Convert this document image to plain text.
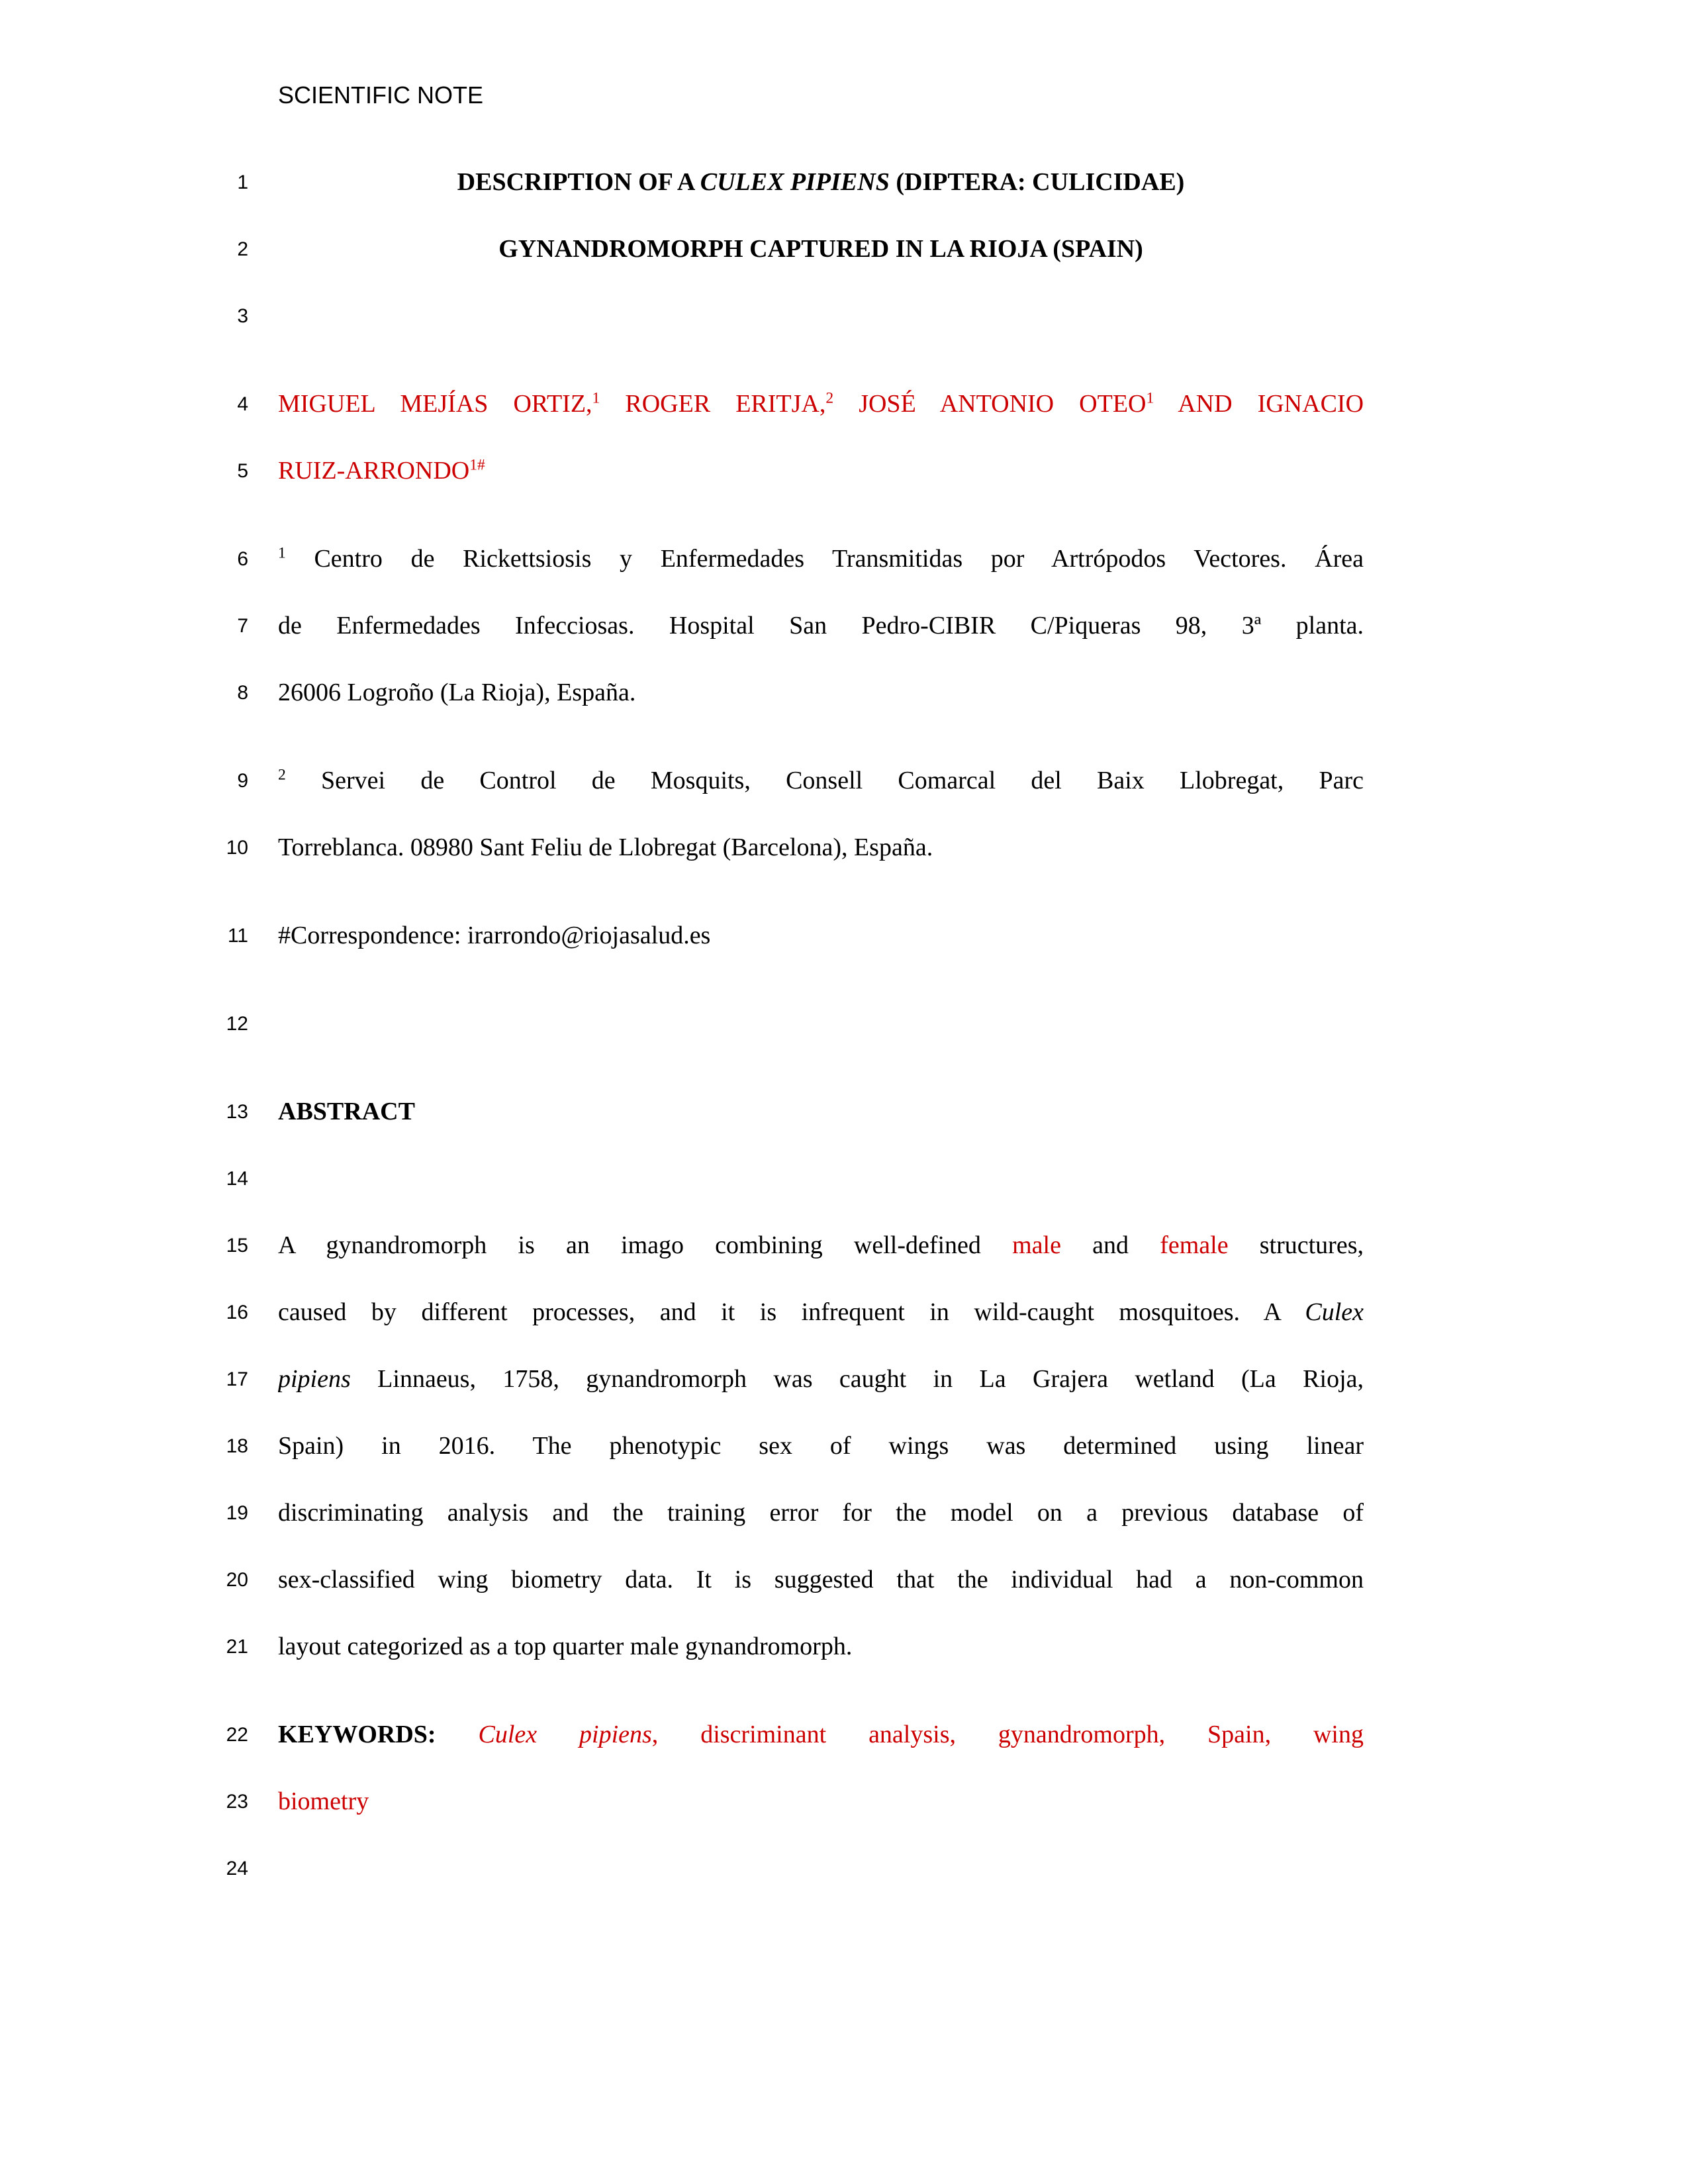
SCIENTIFIC NOTE
1	DESCRIPTION OF A CULEX PIPIENS (DIPTERA: CULICIDAE)
2	GYNANDROMORPH CAPTURED IN LA RIOJA (SPAIN)
3
4 MIGUEL MEJÍAS ORTIZ,$^1$ ROGER ERITJA,$^2$ JOSÉ ANTONIO OTEO$^1$ AND IGNACIO
5 RUIZ-$ARRONDO^{1\#}$
6 $^1$ Centro de Rickettsiosis y Enfermedades Transmitidas por Artrópodos Vectores. Área
7 de Enfermedades Infecciosas. Hospital San Pedro-CIBIR C/Piqueras 98, 3ª planta.
8 26006 Logroño (La Rioja), España.
9 $^2$ Servei de Control de Mosquits, Consell Comarcal del Baix Llobregat, Parc
10 Torreblanca. 08980 Sant Feliu de Llobregat (Barcelona), España.
11 #Correspondence: irarrondo@riojasalud.es
12
13 ABSTRACT
14
15 A gynandromorph is an imago combining well-defined male and female structures,
16 caused by different processes, and it is infrequent in wild-caught mosquitoes. A Culex
17 pipiens Linnaeus, 1758, gynandromorph was caught in La Grajera wetland (La Rioja,
18 Spain) in 2016. The phenotypic sex of wings was determined using linear
19 discriminating analysis and the training error for the model on a previous database of
20 sex-classified wing biometry data. It is suggested that the individual had a non-common
21 layout categorized as a top quarter male gynandromorph.
22 KEYWORDS: Culex pipiens, discriminant analysis, gynandromorph, Spain, wing
23 biometry
24
